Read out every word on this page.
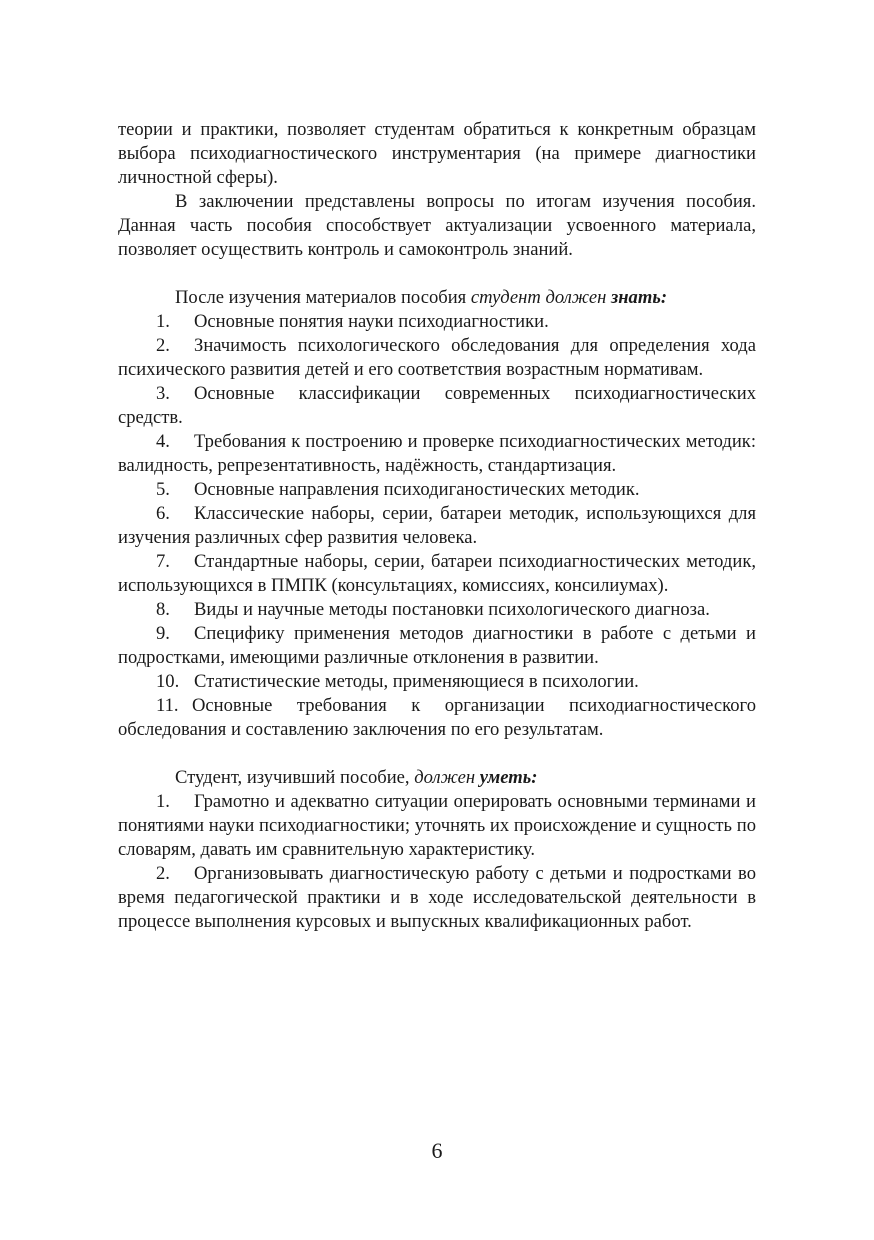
теории и практики, позволяет студентам обратиться к конкретным образцам выбора психодиагностического инструментария (на примере диагностики личностной сферы).

В заключении представлены вопросы по итогам изучения пособия. Данная часть пособия способствует актуализации усвоенного материала, позволяет осуществить контроль и самоконтроль знаний.

После изучения материалов пособия студент должен знать:

1. Основные понятия науки психодиагностики.

2. Значимость психологического обследования для определения хода психического развития детей и его соответствия возрастным нормативам.

3. Основные классификации современных психодиагностических средств.

4. Требования к построению и проверке психодиагностических методик: валидность, репрезентативность, надёжность, стандартизация.

5. Основные направления психодиганостических методик.

6. Классические наборы, серии, батареи методик, использующихся для изучения различных сфер развития человека.

7. Стандартные наборы, серии, батареи психодиагностических методик, использующихся в ПМПК (консультациях, комиссиях, консилиумах).

8. Виды и научные методы постановки психологического диагноза.

9. Специфику применения методов диагностики в работе с детьми и подростками, имеющими различные отклонения в развитии.

10. Статистические методы, применяющиеся в психологии.

11. Основные требования к организации психодиагностического обследования и составлению заключения по его результатам.

Студент, изучивший пособие, должен уметь:

1. Грамотно и адекватно ситуации оперировать основными терминами и понятиями науки психодиагностики; уточнять их происхождение и сущность по словарям, давать им сравнительную характеристику.

2. Организовывать диагностическую работу с детьми и подростками во время педагогической практики и в ходе исследовательской деятельности в процессе выполнения курсовых и выпускных квалификационных работ.

6
